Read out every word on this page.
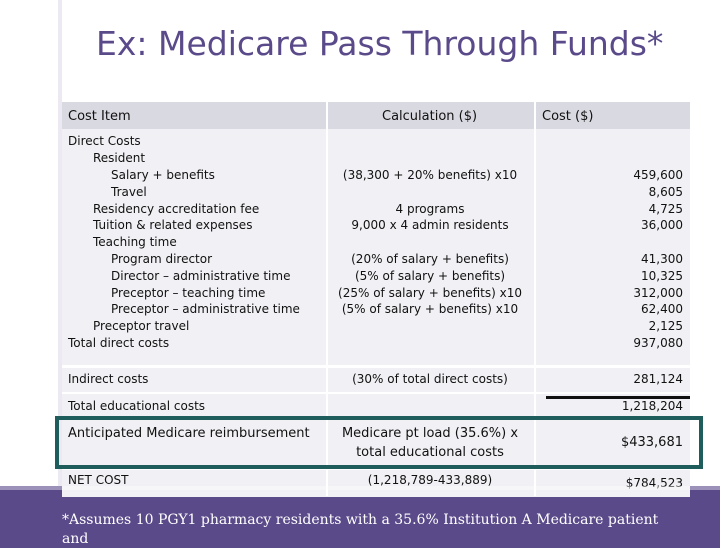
Ex: Medicare Pass Through Funds*
Cost Item	Calculation ($)	Cost ($)
Direct Costs
Resident
Salary + benefits
Travel
Residency accreditation fee
Tuition & related expenses
Teaching time
Program director
Director – administrative time
Preceptor – teaching time
Preceptor – administrative time
Preceptor travel
Total direct costs
Indirect costs
Total educational costs
Anticipated Medicare reimbursement
NET COST
(38,300 + 20% benefits) x10
4 programs
9,000 x 4 admin residents
(20% of salary + benefits)
(5% of salary + benefits)
(25% of salary + benefits) x10
(5% of salary + benefits) x10
(30% of total direct costs)
Medicare pt load (35.6%) x
total educational costs
(1,218,789-433,889)
459,600
8,605
4,725
36,000
41,300
10,325
312,000
62,400
2,125
937,080
281,124
1,218,204
$433,681
$784,523
*Assumes 10 PGY1 pharmacy residents with a 35.6% Institution A Medicare patient
and
